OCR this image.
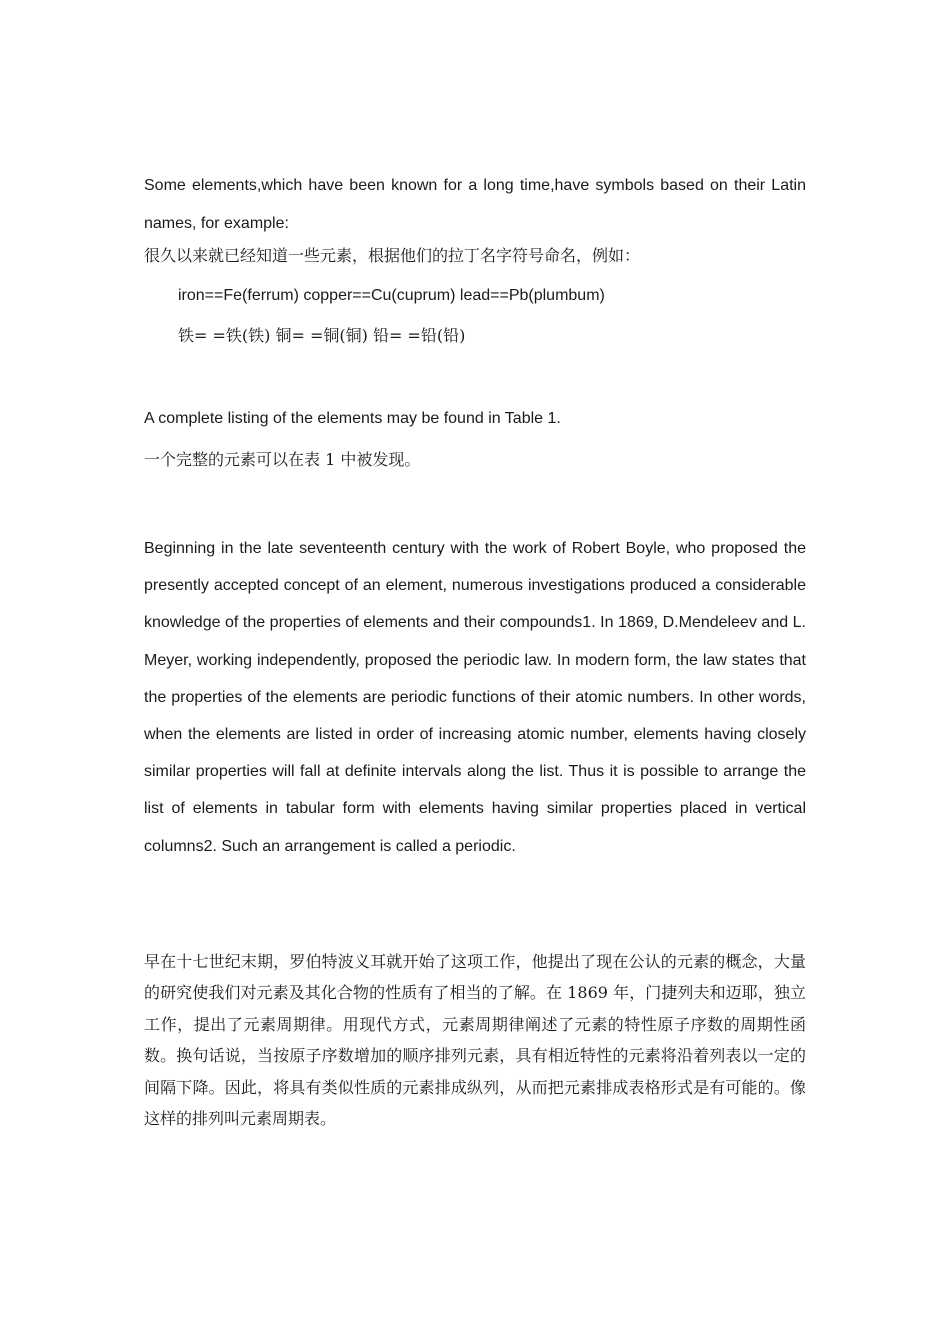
Some elements,which have been known for a long time,have symbols based on their Latin names, for example:

很久以来就已经知道一些元素，根据他们的拉丁名字符号命名，例如：

iron==Fe(ferrum) copper==Cu(cuprum) lead==Pb(plumbum)

铁= =铁(铁) 铜= =铜(铜) 铅= =铅(铅)

A complete listing of the elements may be found in Table 1.

一个完整的元素可以在表 1 中被发现。

Beginning in the late seventeenth century with the work of Robert Boyle, who proposed the presently accepted concept of an element, numerous investigations produced a considerable knowledge of the properties of elements and their compounds1. In 1869, D.Mendeleev and L. Meyer, working independently, proposed the periodic law. In modern form, the law states that the properties of the elements are periodic functions of their atomic numbers. In other words, when the elements are listed in order of increasing atomic number, elements having closely similar properties will fall at definite intervals along the list. Thus it is possible to arrange the list of elements in tabular form with elements having similar properties placed in vertical columns2. Such an arrangement is called a periodic.

早在十七世纪末期，罗伯特波义耳就开始了这项工作，他提出了现在公认的元素的概念，大量的研究使我们对元素及其化合物的性质有了相当的了解。在 1869 年，门捷列夫和迈耶，独立工作，提出了元素周期律。用现代方式，元素周期律阐述了元素的特性原子序数的周期性函数。换句话说，当按原子序数增加的顺序排列元素，具有相近特性的元素将沿着列表以一定的间隔下降。因此，将具有类似性质的元素排成纵列，从而把元素排成表格形式是有可能的。像这样的排列叫元素周期表。
